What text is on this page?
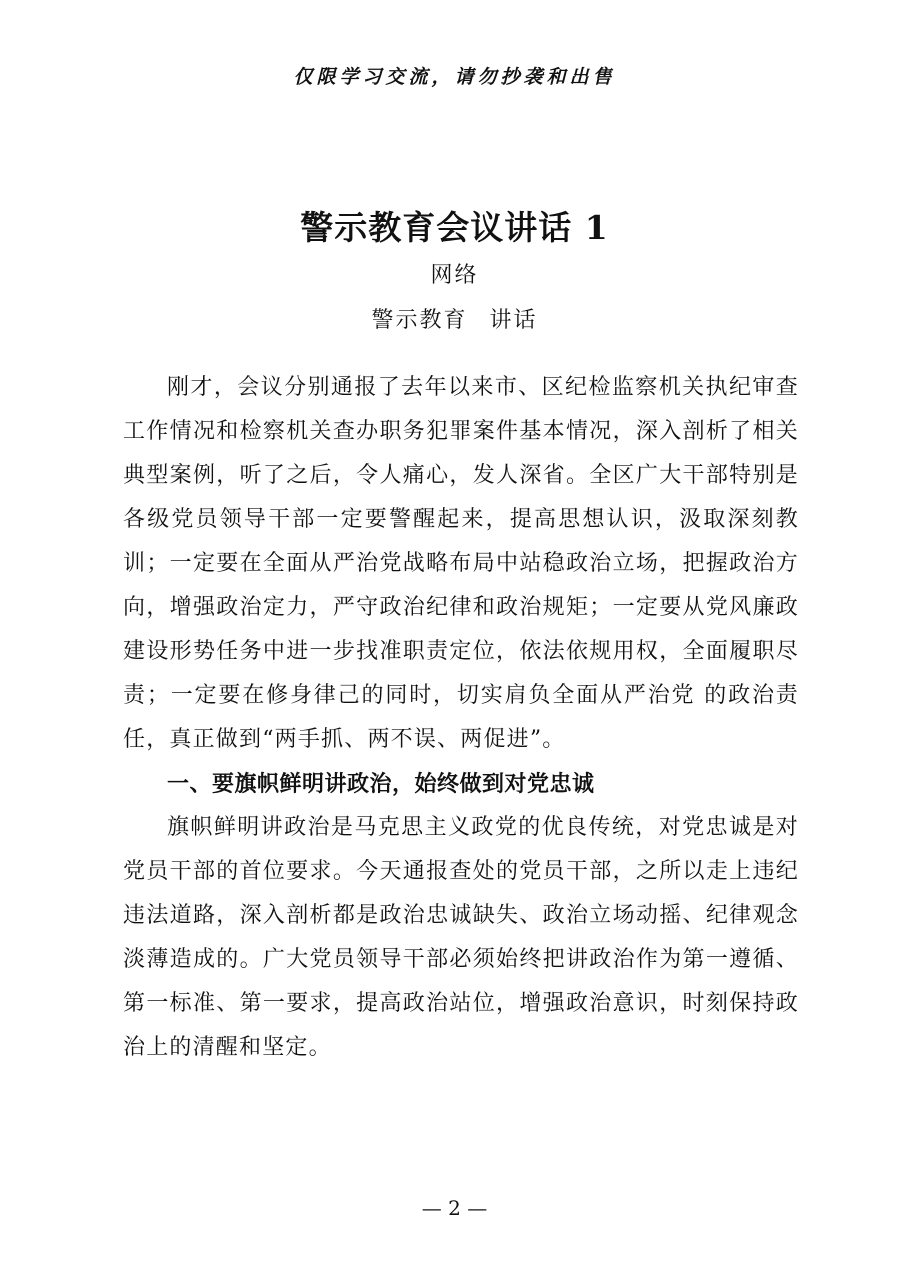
仅限学习交流，请勿抄袭和出售
警示教育会议讲话 1
网络
警示教育 讲话

刚才，会议分别通报了去年以来市、区纪检监察机关执纪审查工作情况和检察机关查办职务犯罪案件基本情况，深入剖析了相关典型案例，听了之后，令人痛心，发人深省。全区广大干部特别是各级党员领导干部一定要警醒起来，提高思想认识，汲取深刻教训；一定要在全面从严治党战略布局中站稳政治立场，把握政治方向，增强政治定力，严守政治纪律和政治规矩；一定要从党风廉政建设形势任务中进一步找准职责定位，依法依规用权，全面履职尽责；一定要在修身律己的同时，切实肩负全面从严治党 的政治责任，真正做到“两手抓、两不误、两促进”。

一、要旗帜鲜明讲政治，始终做到对党忠诚

旗帜鲜明讲政治是马克思主义政党的优良传统，对党忠诚是对党员干部的首位要求。今天通报查处的党员干部，之所以走上违纪违法道路，深入剖析都是政治忠诚缺失、政治立场动摇、纪律观念淡薄造成的。广大党员领导干部必须始终把讲政治作为第一遵循、第一标准、第一要求，提高政治站位，增强政治意识，时刻保持政治上的清醒和坚定。

— 2 —
